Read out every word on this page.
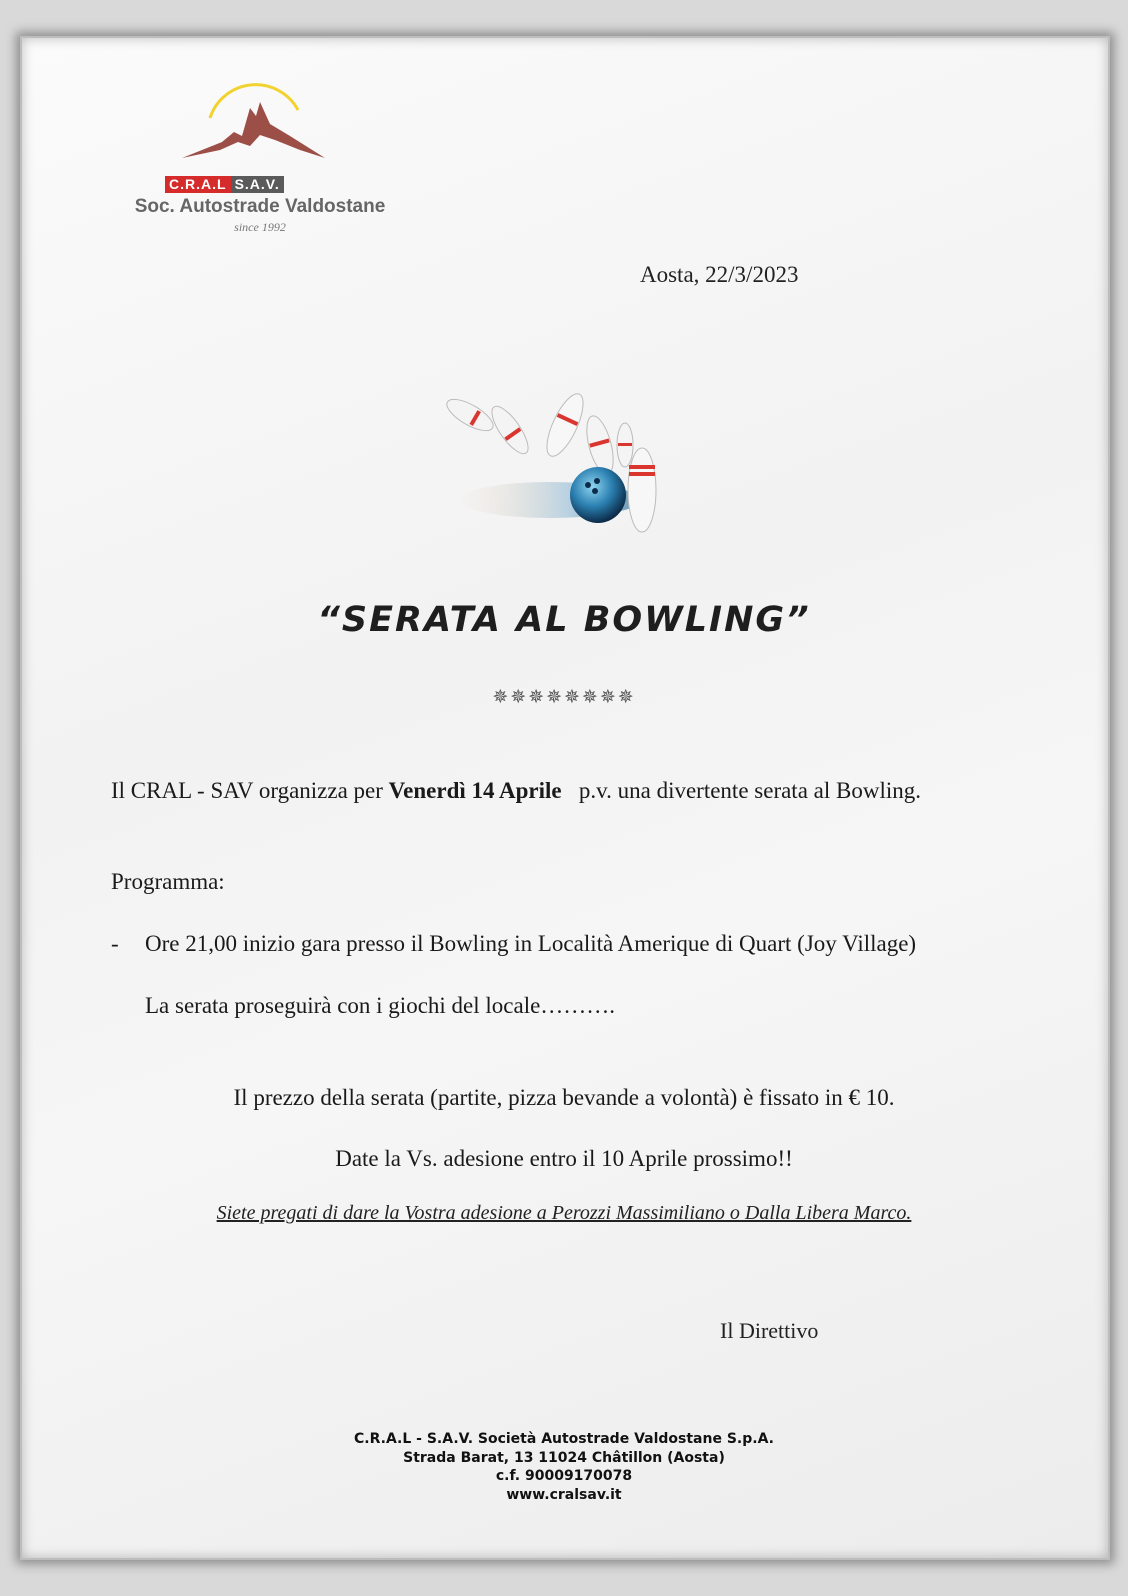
C.R.A.L S.A.V.
Soc. Autostrade Valdostane
since 1992
Aosta, 22/3/2023
“SERATA AL BOWLING”
✵✵✵✵✵✵✵✵
Il CRAL - SAV organizza per Venerdì 14 Aprile   p.v. una divertente serata al Bowling.
Programma:
- Ore 21,00 inizio gara presso il Bowling in Località Amerique di Quart (Joy Village)
La serata proseguirà con i giochi del locale……….
Il prezzo della serata (partite, pizza bevande a volontà) è fissato in € 10.
Date la Vs. adesione entro il 10 Aprile prossimo!!
Siete pregati di dare la Vostra adesione a Perozzi Massimiliano o Dalla Libera Marco.
Il Direttivo
C.R.A.L - S.A.V. Società Autostrade Valdostane S.p.A.
Strada Barat, 13 11024 Châtillon (Aosta)
c.f. 90009170078
www.cralsav.it
